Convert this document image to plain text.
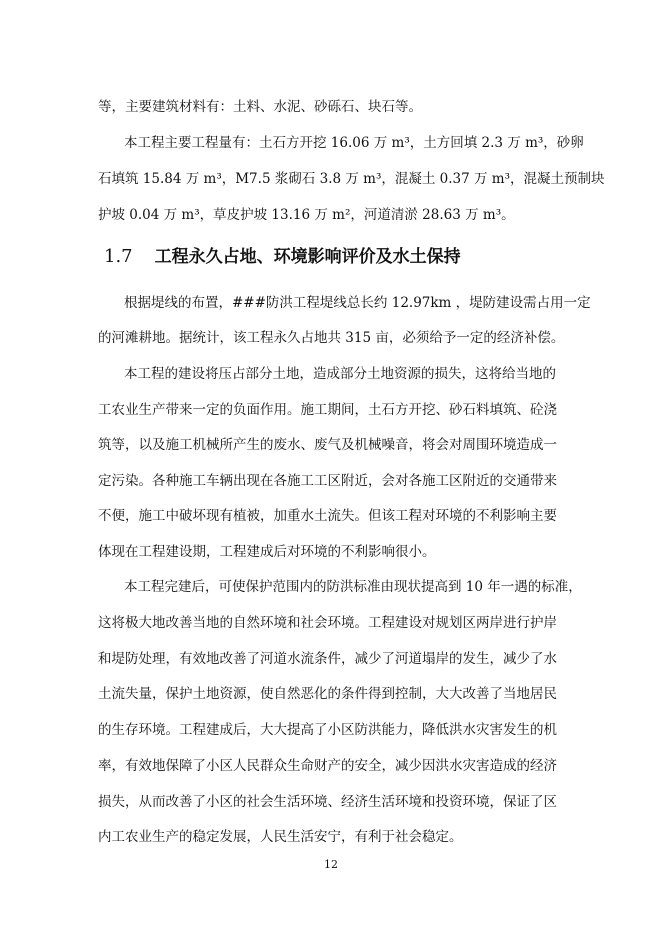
等，主要建筑材料有：土料、水泥、砂砾石、块石等。
本工程主要工程量有：土石方开挖 16.06 万 m³，土方回填 2.3 万 m³，砂卵
石填筑 15.84 万 m³，M7.5 浆砌石 3.8 万 m³，混凝土 0.37 万 m³，混凝土预制块
护坡 0.04 万 m³，草皮护坡 13.16 万 m²，河道清淤 28.63 万 m³。
1.7 工程永久占地、环境影响评价及水土保持
根据堤线的布置，###防洪工程堤线总长约 12.97km ，堤防建设需占用一定
的河滩耕地。据统计，该工程永久占地共 315 亩，必须给予一定的经济补偿。
本工程的建设将压占部分土地，造成部分土地资源的损失，这将给当地的
工农业生产带来一定的负面作用。施工期间，土石方开挖、砂石料填筑、砼浇
筑等，以及施工机械所产生的废水、废气及机械噪音，将会对周围环境造成一
定污染。各种施工车辆出现在各施工工区附近，会对各施工区附近的交通带来
不便，施工中破坏现有植被，加重水土流失。但该工程对环境的不利影响主要
体现在工程建设期，工程建成后对环境的不利影响很小。
本工程完建后，可使保护范围内的防洪标准由现状提高到 10 年一遇的标准，
这将极大地改善当地的自然环境和社会环境。工程建设对规划区两岸进行护岸
和堤防处理，有效地改善了河道水流条件，减少了河道塌岸的发生，减少了水
土流失量，保护土地资源，使自然恶化的条件得到控制，大大改善了当地居民
的生存环境。工程建成后，大大提高了小区防洪能力，降低洪水灾害发生的机
率，有效地保障了小区人民群众生命财产的安全，减少因洪水灾害造成的经济
损失，从而改善了小区的社会生活环境、经济生活环境和投资环境，保证了区
内工农业生产的稳定发展，人民生活安宁，有利于社会稳定。
12
